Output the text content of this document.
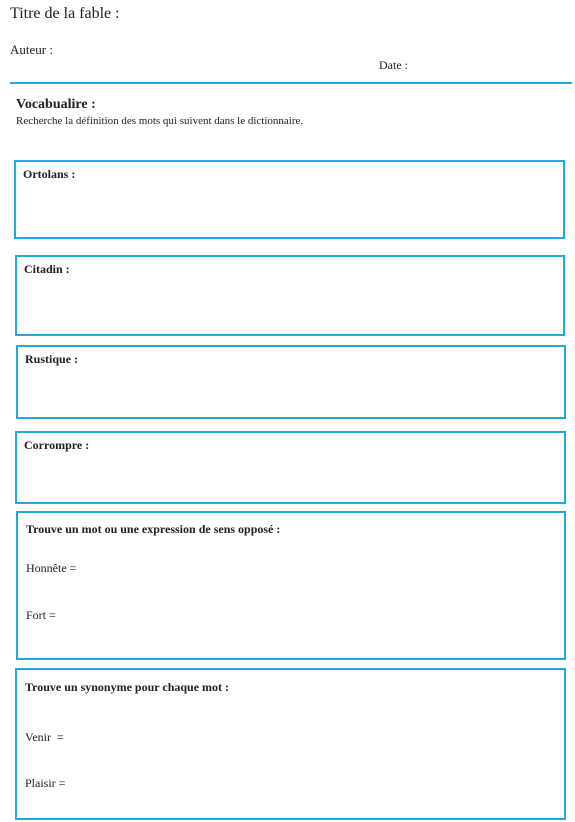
Titre de la fable :
Auteur :
Date :
Vocabualire :
Recherche la définition des mots qui suivent dans le dictionnaire.
Ortolans :
Citadin :
Rustique :
Corrompre :
Trouve un mot ou une expression de sens opposé :
Honnête =
Fort =
Trouve un synonyme pour chaque mot :
Venir  =
Plaisir =
